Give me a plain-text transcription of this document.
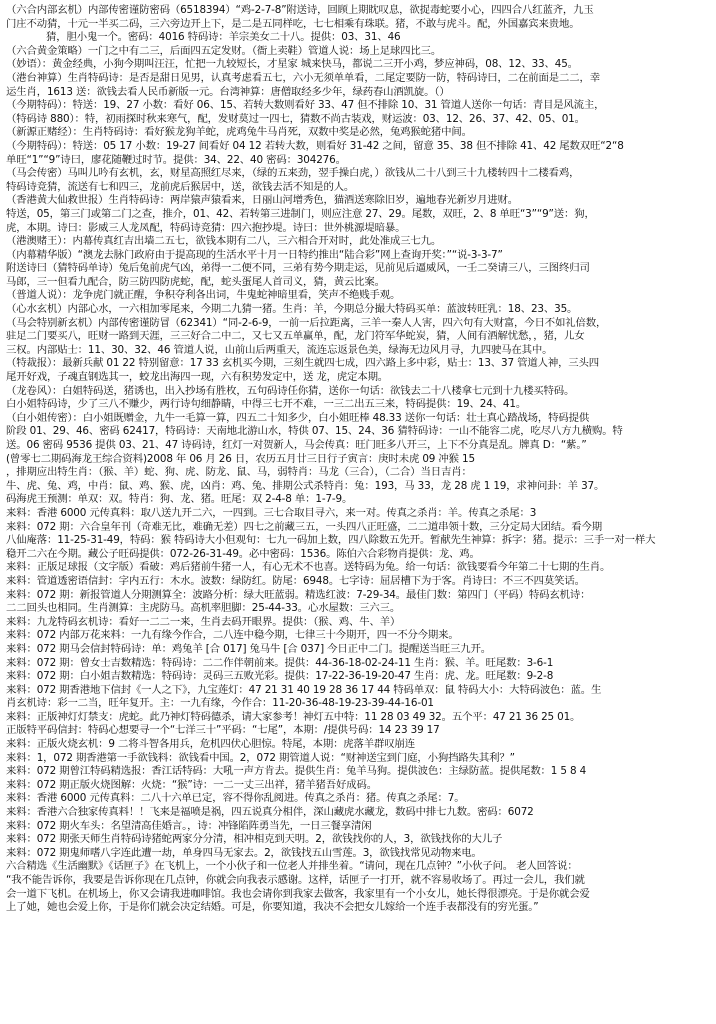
（六合内部玄机）内部传密谨防密码（6518394）“鸡-2-7-8”附送诗，回顾上期眈叹息，欲捉毒蛇要小心，四四合八红蓝齐，九玉
门庄不动猜，十元一半买二码，三六旁边开上下，是二是五同样吃，七七相乘有珠联。猪，不敢与虎斗。配，外国嘉宾来贵地。
猜，胆小鬼一个。密码：4016 特码诗：羊宗美女二十八。提供：03、31、46
（六合黄金策略）一门之中有二三，后面四五定发财。（衙上卖鞋）管道人说：场上足球四比三。
（妙语）：黄金经典，小狗今期叫汪汪，忙把一九较短长，才星家 城来快马，都说二三开小鸡，梦应神码，08、12、33、45。
（港台神算）生肖特码诗：是否是甜日见男，认真考虑看五七，六小无须单单看，二尾定要防一防，特码诗曰，二在前面是二二，幸
运生肖，1613 送：欲钱去看人民币新版一元。台湾神算：唐僧取经多少年，绿药春山酒凯旋。（）
（今期特码）：特送：19、27 小数：看好 06、15、若转大数则看好 33、47 但不排除 10、31 管道人送你一句话：青目是风流主，
（特码诗 880）：特，初雨探时秋来寒气，配，发财莫过一四七，猜数不尚古装戏，财运波：03、12、26、37、42、05、01。
（新源正赌经）：生肖特码诗：看好猴龙狗羊蛇，虎鸡兔牛马肖死，双数中奖是必然，兔鸡猴蛇猪中间。
（今期特码）：特送：05 17 小数：19-27 间看好 04 12 若转大数，则看好 31-42 之间，留意 35、38 但不排除 41、42 尾数双旺“2“8
单旺“1”“9”诗曰，廖花随鞭过时节。提供：34、22、40 密码：304276。
（马会传密）马叫儿吟有玄机，玄，财星高照红尽来，（绿的五来劲，翌手操白虎，）欲钱从二十八到三十九楼转四十二楼看鸡，
特码诗竞猜，流送有七和四三，龙前虎后猴居中，送，欲钱去活不知是的人。
（香港黄大仙救世报）生肖特码诗：两岸猿声猿看来，日丽山河增秀色，猫酒送寒除旧岁，遍地春光新岁月进财。
特送，05，第三门或第二门之查，推介，01、42、若转第三进制门，则应注意 27、29。尾数，双旺，2、8 单旺“3”“9”送：狗，
虎，本期。诗曰：影威三人龙凤配，特码诗竞猜：四六抱抄堤。诗曰：世外桃源堤暗暴。
（港澳赌王）：内幕传真红吉出墙二五七，欲钱本期有二八，三六相合开对时，此处准成三七九。
（内幕精华版）“澳龙去脉门政府由于提高现的生活水平十月一日特约推出“陆合彩”网上查询开奖：”“说-3-3-7”
附送诗曰（猜特码单诗）兔后兔前虎气凶，弟得一二便不同，三弟有势今期走运，见前见后逼威风，一壬二癸请三八，三图终归司
马郎，三一但看九配合，防三防四防虎蛇，配，蛇头蛋尾人首司义，猜，黄云比案。
（普道人说）：龙争虎门就正醒，争积夺利各出词，牛鬼蛇神暗里看，笑声不绝贱手观。
（心水玄机）内部心水，一六相加零尾来，今期二九猜一猪。生肖：羊，今期总分撮大特码买单：蓝波转旺乳：18、23、35。
（马会特别新玄机）内部传密谨防冒（62341）“同-2-6-9，一前一后拉距离，三羊一秦人人害，四六句有大财富，今日不如礼倍数，
驻足二门要买八，旺财一路到天涯，三三好合二中二，又七又五单赢单，配，龙门符军华蛇炭，猜，人间有酒解忧愁，，猪，儿女
三权。内部贴士：11、30、32、46 管道人说，山前山后两重天，流连忘返景色美，绿海无边风月寻，九四驶马在其中。
（特裁报）：最新兵献 01 22 特别留意：17 33 玄机买今期，三刻生就四七成，四六路上多中彩，贴士：13、37 管道人神，三头四
尾开好戏，子魂直钢选其一，蛟龙出海四一现，六有积势发定中，送 龙，虎定本期。
（龙卷风）：白姐特码送，猪诱也，出入抄场有胜枚，五句码诗任你猜，送你一句话：欲钱去二十八楼拿七元到十九楼买特码。
白小姐特码诗，少了三八不赚少，两行诗句细静睛，中得三七开不难，一三二出五三来，特码提供：19、24、41。
（白小姐传密）：白小姐既赠金，九牛一毛算一算，四五二十知多少，白小姐旺棒 48.33 送你一句话：壮士真心踏战场，特码提供
阶段 01、29、46、密码 62417，特码诗：天南地北游山水，特供 07、15、24、36 猜特码诗：一山不能容二虎，吃尽八方九横购。特
送。06 密码 9536 提供 03、21、47 诗码诗，红灯一对贺新人，马会传真：旺门旺多八开三，上下不分真是乱。牌真 D：“紫。”
(曾零七二期码海龙王综合资料)2008 年 06 月 26 日，农历五月廿三日行子寅言：庚时未虎 09 冲猴 15
，排期应出特生肖：（猴、羊）蛇、狗、虎、防龙、鼠、马，弱特肖：马龙（三合），（二合）当日吉肖：
牛、虎、兔、鸡，中肖：鼠、鸡、猴、虎，凶肖：鸡、兔、排期公式杀特肖：兔：193，马 33，龙 28 虎 1 19，求神问卦：羊 37。
码海虎王预测：单双：双。特肖：狗、龙、猪。旺尾：双 2-4-8 单：1-7-9。
来料：香港 6000 元传真料：取八送九开二六，一四到。三七合取目寻六，来一对。传真之杀肖：羊。传真之杀尾：3
来料：072 期：六合皇年刊（奇难无比，难确无差）四七之前藏三五，一头四八正旺盛，二二道串领十数，三分定局大团结。看今期
八仙庵落：11-25-31-49，特码：猴 特码诗大小但观旬：七九一码加上数，四八除数五先开。暂献先生神算：拆字：猪。提示：三手一对一样大
稳开二六在今期。藏公子旺码提供：072-26-31-49。必中密码：1536。陈伯六合彩物肖提供：龙、鸡。
来料：正版足球报（文字版）看破：鸡后猪前牛猪一人，有心无术不也喜。送特码为兔。给一句话：欲钱要看今年第二十七期的生肖。
来料：管道透密语信封：字内五行：木水。波数：绿防红。防尾：6948。七字诗：屈居槽下为于客。肖诗曰：不三不四莫笑话。
来料：072 期：新报管道人分期测算全：波路分析：绿大旺蓝弱。精选红波：7-29-34。最佳门数：第四门（平码）特码玄机诗：
二二回头也相同。生肖测算：主虎防马。高机率胆脚：25-44-33。心水屋数：三六三。
来料：九龙特码玄机诗：看好一二二一来，生肖去码开眼界。提供：（猴、鸡、牛、羊）
来料：072 内部万花来料：一九有缘今作合，二八连中稳今期，七律三十今期开，四一不分今期来。
来料：072 期马会信封特码诗：单：鸡兔羊 [合 017] 兔马牛 [合 037] 今日正中二门。提醒送当旺三九开。
来料：072 期：曾女士吉数精选：特码诗：二二作伴朝前来。提供：44-36-18-02-24-11 生肖：猴、羊。旺尾数：3-6-1
来料：072 期：白小姐吉数精选：特码诗：灵码三五败光彩。提供：17-22-36-19-20-47 生肖：虎、龙。旺尾数：9-2-8
来料：072 期香港地下信封《一人之下》，九宝莲灯：47 21 31 40 19 28 36 17 44 特码单双：鼠 特码大小：大特码波色：蓝。生
肖玄机诗：彩一二当，旺年复开。主：一九有缘，今作合：11-20-36-48-19-23-39-44-16-01
来料：正版神灯灯禁支：虎蛇。此乃神灯特码德杀，请大家参考！神灯五中特：11 28 03 49 32。五个平：47 21 36 25 01。
正版特平码信封：特码心想要寻一个“七洋三十”平码：“七尾”，本期：/提供号码：14 23 39 17
来料：正版火烧玄机：9 二将斗智各用兵，危机四伏心胆惊。特尾，本期：虎落羊群叹崩连
来料：1，072 期香港第一手欲钱料：欲钱看中国。2，072 期管道人说：“财神送宝到门庭，小狗挡路失其利？”
来料：072 期曾江特码精选报：香江话特码：大吼一声方肯去。提供生肖：兔羊马狗。提供波色：主绿防蓝。提供尾数：1 5 8 4
来料：072 期正版火烧图解：火烧：“猴”诗：一二一丈三出祥，猪羊猪吾好成码。
来料：香港 6000 元传真料：二八十六单已定，容不得你乱阅进。传真之杀肖：猪。传真之杀尾：7。
来料：香港六合独家传真料！！飞来是福喷是祸，四五说真分相伴，深山藏虎水藏龙，数码中排七九数。密码：6072
来料：072 期火车头：名望清高佳婚言。，诗：冲锋陷阵勇当先，一日三餐享清闲
来料：072 期张天师生肖特码诗猪蛇两家分分清，相冲相克到天明。2，欲钱找你的人，3，欲钱找你的大儿子
来料：072 期鬼师嗜八字连此遭一劫，单身四马无家去。2，欲钱找五山雪莲。3，欲钱找常见动物来电。
六合精选《生活幽默》《话匣子》在飞机上，一个小伙子和一位老人并排坐着。“请问，现在几点钟？”小伙子问。 老人回答说：
“我不能告诉你，我要是告诉你现在几点钟，你就会向我表示感谢。这样，话匣子一打开，就不容易收场了。再过一会儿，我们就
会一道下飞机。在机场上，你又会请我进咖啡馆。我也会请你到我家去做客，我家里有一个小女儿，她长得很漂亮。于是你就会爱
上了她，她也会爱上你，于是你们就会决定结婚。可是，你要知道，我决不会把女儿嫁给一个连手表都没有的穷光蛋。”
